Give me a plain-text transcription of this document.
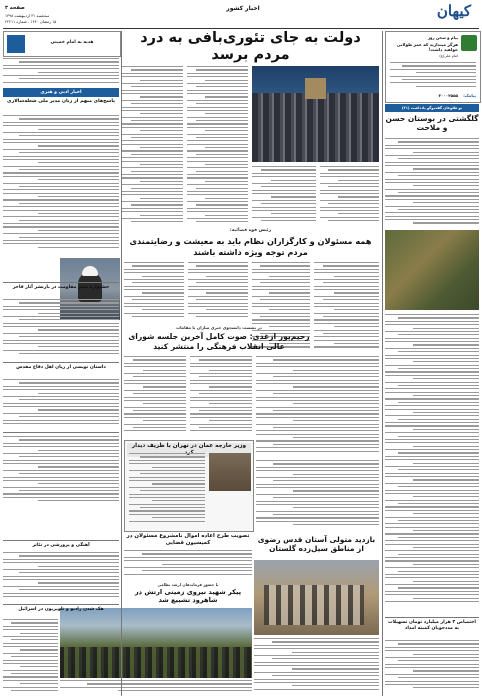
صفحه ۳
سه‌شنبه ۳۱ اردیبهشت ۱۳۹۸
۱۵ رمضان ۱۴۴۰ - شماره ۲۲۲۱۱
اخبار کشور	کیهان
پیام و سخن روز
هرگز مپندارید که عمر طولانی خواهید داشت!
امام علی(ع)
پیامک:
۳۰۰۰۴۵۵۵
نو طلوعان گفت‌وگو یادداشت (۲۱)
گلگشتی در بوستان حسن و ملاحت
اختصاص ۳ هزار میلیارد تومان تسهیلات به مددجویان کمیته امداد
دولت به جای تئوری‌بافی به درد مردم برسد
رئیس قوه قضائیه:
همه مسئولان و کارگزاران نظام باید به معیشت و رضایتمندی مردم توجه ویژه داشته باشند
در نشست دانشجوی خبری سازان با مقامات
رحیم‌پور ازغدی: صوت کامل آخرین جلسه شورای عالی انقلاب فرهنگی را منتشر کنید
وزیر خارجه عمان در تهران با ظریف دیدار
تصویب طرح اعاده اموال نامشروع مسئولان در کمیسیون قضایی	بازدید متولی آستان قدس رضوی از مناطق سیل‌زده گلستان
با حضور فرماندهان ارشد نظامی
پیکر شهید نیروی زمینی ارتش در شاهرود تشییع شد
هدیه به امام خمینی
اخبار ادبی و هنری
پاسخ‌های مبهم از زبان مدیر ملی شعله‌سالاری
جشنواره شعر مقاومت در بازنشر آثار فاخر
داستان نویسی از زبان اهل دفاع مقدس
آهنگی و پرورشی در تئاتر
هک شدن رادیو و تلویزیون در اسرائیل
